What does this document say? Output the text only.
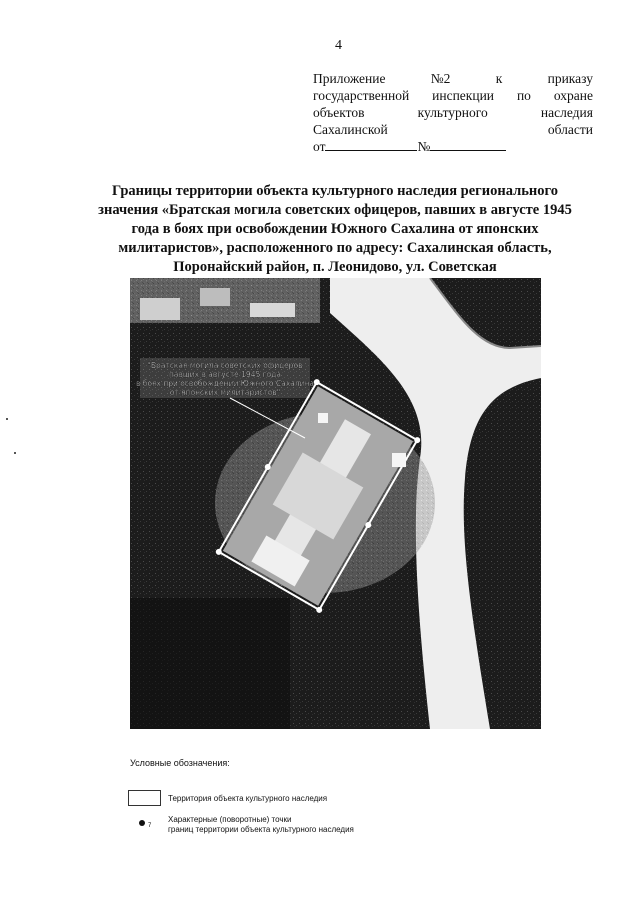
4
Приложение	№2	к	приказу
государственной инспекции по охране
объектов	культурного	наследия
Сахалинской	области
от	№
Границы территории объекта культурного наследия регионального
значения «Братская могила советских офицеров, павших в августе 1945
года в боях при освобождении Южного Сахалина от японских
милитаристов», расположенного по адресу: Сахалинская область,
Поронайский район, п. Леонидово, ул. Советская
"Братская могила советских офицеров
павших в августе 1945 года
в боях при освобождении Южного Сахалина
от японских милитаристов"
Условные обозначения:
Территория объекта культурного наследия
7
Характерные (поворотные) точки
границ территории объекта культурного наследия
